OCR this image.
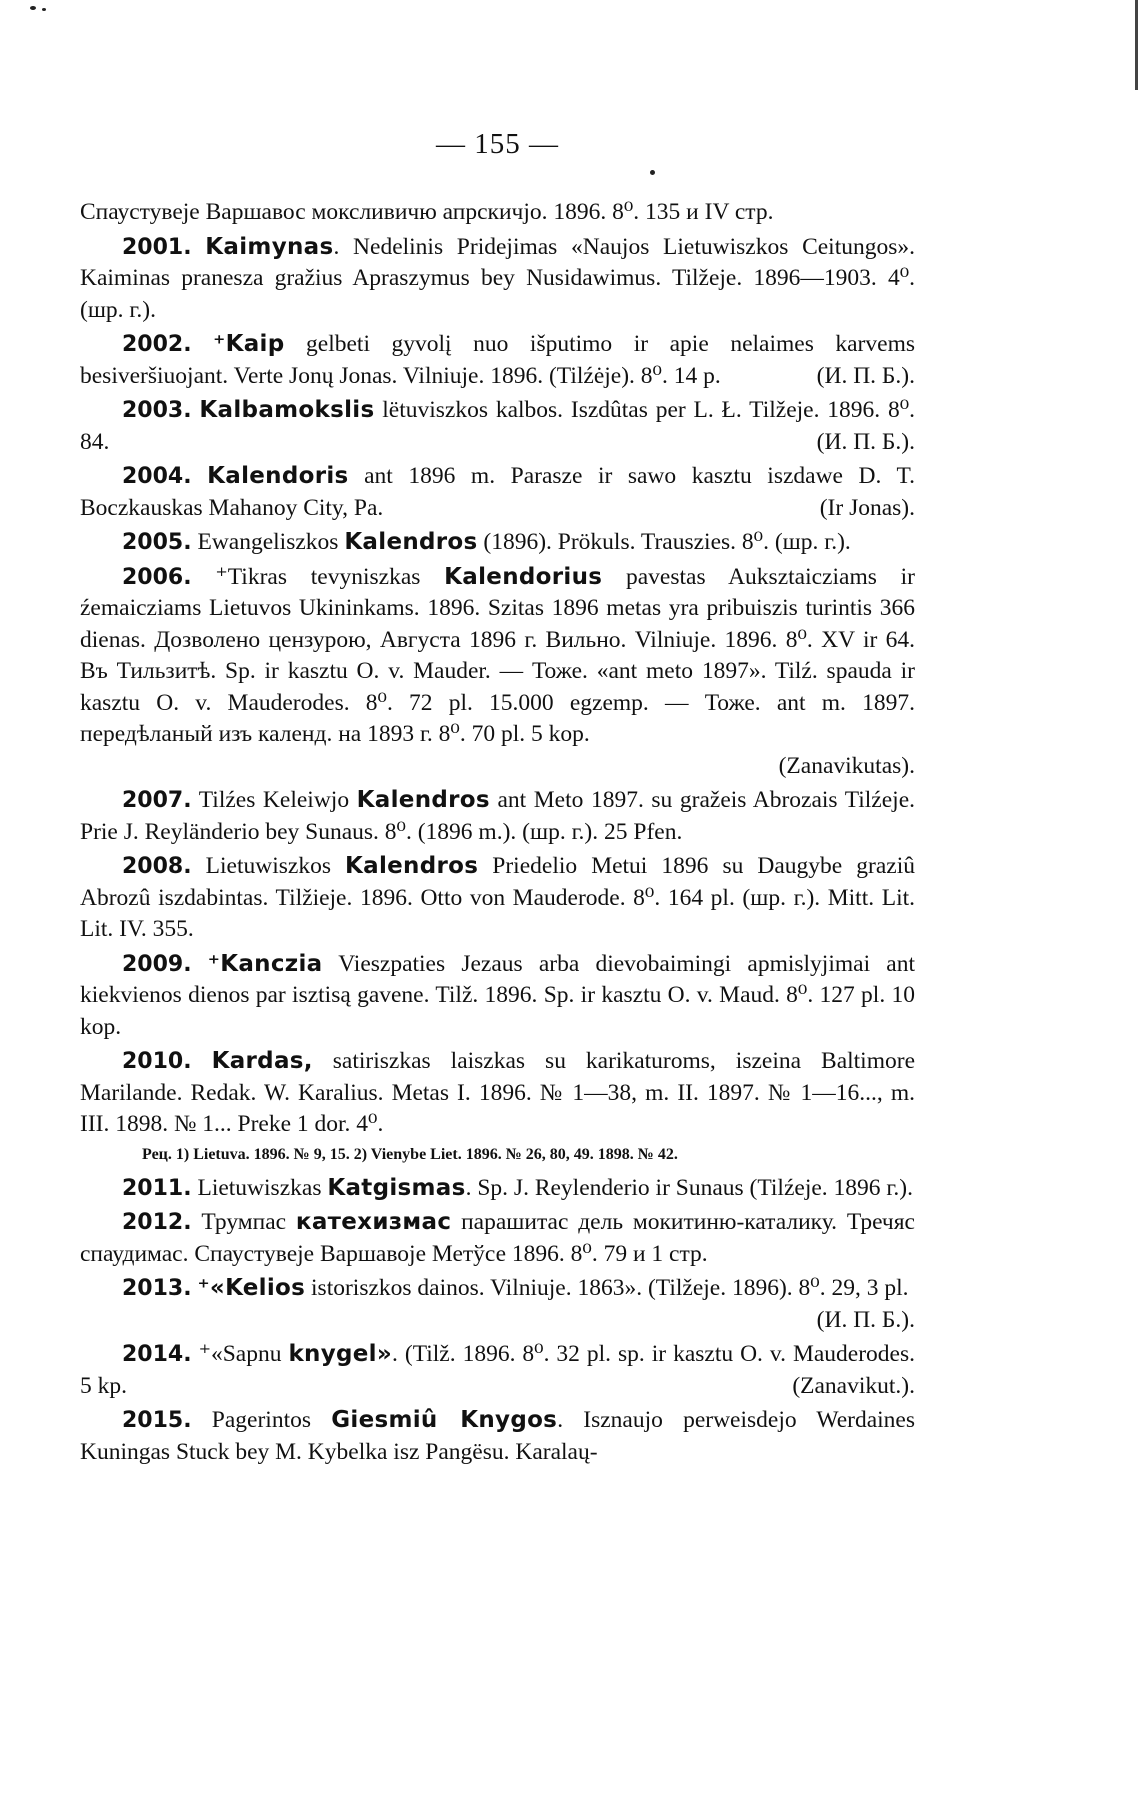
— 155 —
Спаустувеје Варшавос моксливичю апрскичјо. 1896. 8⁰. 135 и IV стр.
2001. Kaimynas. Nedelinis Pridejimas «Naujos Lietuwiszkos Ceitungos». Kaiminas pranesza gražius Apraszymus bey Nusidawimus. Tilžeje. 1896—1903. 4⁰. (шр. г.).
2002. ⁺Kaip gelbeti gyvolį nuo išputimo ir apie nelaimes karvems besiveršiuojant. Verte Jonų Jonas. Vilniuje. 1896. (Tilźėje). 8⁰. 14 p.	(И. П. Б.).
2003. Kalbamokslis lëtuviszkos kalbos. Iszdûtas per L. Ł. Tilžeje. 1896. 8⁰. 84.	(И. П. Б.).
2004. Kalendoris ant 1896 m. Parasze ir sawo kasztu iszdawe D. T. Boczkauskas Mahanoy City, Pa.	(Ir Jonas).
2005. Ewangeliszkos Kalendros (1896). Prökuls. Trauszies. 8⁰. (шр. г.).
2006. ⁺Tikras tevyniszkas Kalendorius pavestas Auksztaicziams ir źemaicziams Lietuvos Ukininkams. 1896. Szitas 1896 metas yra pribuiszis turintis 366 dienas. Дозволено цензурою, Августа 1896 г. Вильно. Vilniuje. 1896. 8⁰. XV ir 64. Въ Тильзитѣ. Sp. ir kasztu O. v. Mauder. — Тоже. «ant meto 1897». Tilź. spauda ir kasztu O. v. Mauderodes. 8⁰. 72 pl. 15.000 egzemp. — Тоже. ant m. 1897. передѣланый изъ календ. на 1893 г. 8⁰. 70 pl. 5 kop.
(Zanavikutas).
2007. Tilźes Keleiwjo Kalendros ant Meto 1897. su gražeis Abrozais Tilźeje. Prie J. Reyländerio bey Sunaus. 8⁰. (1896 m.). (шр. г.). 25 Pfen.
2008. Lietuwiszkos Kalendros Priedelio Metui 1896 su Daugybe graziû Abrozû iszdabintas. Tilžieje. 1896. Otto von Mauderode. 8⁰. 164 pl. (шр. г.). Mitt. Lit. Lit. IV. 355.
2009. ⁺Kanczia Vieszpaties Jezaus arba dievobaimingi apmislyjimai ant kiekvienos dienos par isztisą gavene. Tilž. 1896. Sp. ir kasztu O. v. Maud. 8⁰. 127 pl. 10 kop.
2010. Kardas, satiriszkas laiszkas su karikaturoms, iszeina Baltimore Marilande. Redak. W. Karalius. Metas I. 1896. № 1—38, m. II. 1897. № 1—16..., m. III. 1898. № 1... Preke 1 dor. 4⁰.
Рец. 1) Lietuva. 1896. № 9, 15. 2) Vienybe Liet. 1896. № 26, 80, 49. 1898. № 42.
2011. Lietuwiszkas Katgismas. Sp. J. Reylenderio ir Sunaus (Tilźeje. 1896 г.).
2012. Трумпас катехизмас парашитас дель мокитиню-каталику. Тречяс спаудимас. Спаустувеје Варшавоје Метўсе 1896. 8⁰. 79 и 1 стр.
2013. ⁺«Kelios istoriszkos dainos. Vilniuje. 1863». (Tilžeje. 1896). 8⁰. 29, 3 pl.
(И. П. Б.).
2014. ⁺«Sapnu knygel». (Tilž. 1896. 8⁰. 32 pl. sp. ir kasztu O. v. Mauderodes. 5 kp.	(Zanavikut.).
2015. Pagerintos Giesmiû Knygos. Isznaujo perweisdejo Werdaines Kuningas Stuck bey M. Kybelka isz Pangësu. Karalaų-
